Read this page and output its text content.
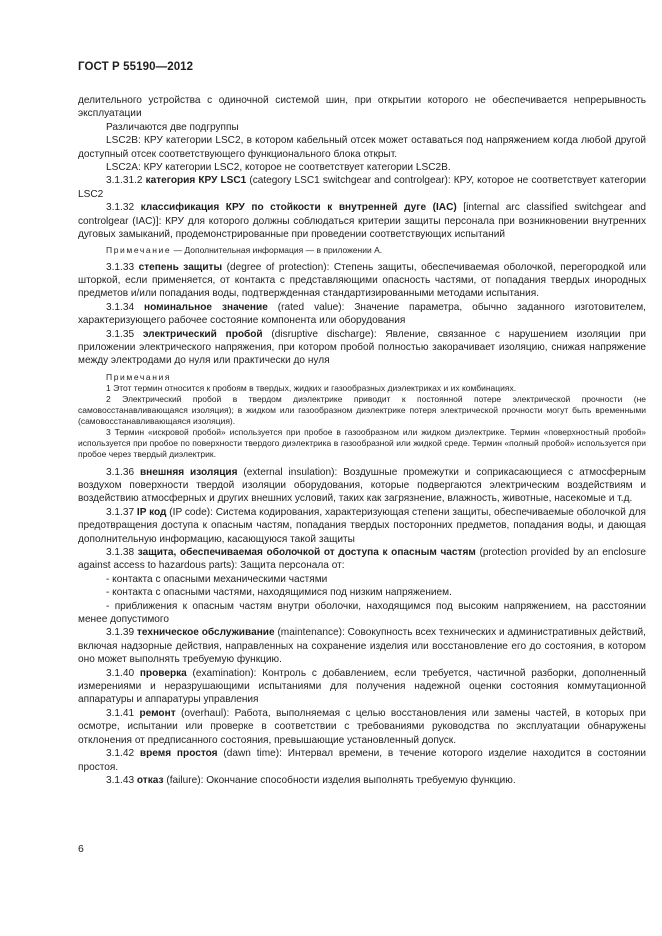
ГОСТ Р 55190—2012

делительного устройства с одиночной системой шин, при открытии которого не обеспечивается непрерывность эксплуатации

Различаются две подгруппы

LSC2B: КРУ категории LSC2, в котором кабельный отсек может оставаться под напряжением когда любой другой доступный отсек соответствующего функционального блока открыт.

LSC2A: КРУ категории LSC2, которое не соответствует категории LSC2B.

3.1.31.2 категория КРУ LSC1 (category LSC1 switchgear and controlgear): КРУ, которое не соответствует категории LSC2

3.1.32 классификация КРУ по стойкости к внутренней дуге (IAC) [internal arc classified switchgear and controlgear (IAC)]: КРУ для которого должны соблюдаться критерии защиты персонала при возникновении внутренних дуговых замыканий, продемонстрированные при проведении соответствующих испытаний

Примечание — Дополнительная информация — в приложении А.

3.1.33 степень защиты (degree of protection): Степень защиты, обеспечиваемая оболочкой, перегородкой или шторкой, если применяется, от контакта с представляющими опасность частями, от попадания твердых инородных предметов и/или попадания воды, подтвержденная стандартизированными методами испытания.

3.1.34 номинальное значение (rated value): Значение параметра, обычно заданного изготовителем, характеризующего рабочее состояние компонента или оборудования

3.1.35 электрический пробой (disruptive discharge): Явление, связанное с нарушением изоляции при приложении электрического напряжения, при котором пробой полностью закорачивает изоляцию, снижая напряжение между электродами до нуля или практически до нуля

Примечания

1 Этот термин относится к пробоям в твердых, жидких и газообразных диэлектриках и их комбинациях.

2 Электрический пробой в твердом диэлектрике приводит к постоянной потере электрической прочности (не самовосстанавливающаяся изоляция); в жидком или газообразном диэлектрике потеря электрической прочности могут быть временными (самовосстанавливающаяся изоляция).

3 Термин «искровой пробой» используется при пробое в газообразном или жидком диэлектрике. Термин «поверхностный пробой» используется при пробое по поверхности твердого диэлектрика в газообразной или жидкой среде. Термин «полный пробой» используется при пробое через твердый диэлектрик.

3.1.36 внешняя изоляция (external insulation): Воздушные промежутки и соприкасающиеся с атмосферным воздухом поверхности твердой изоляции оборудования, которые подвергаются электрическим воздействиям и воздействию атмосферных и других внешних условий, таких как загрязнение, влажность, животные, насекомые и т.д.

3.1.37 IP код (IP code): Система кодирования, характеризующая степени защиты, обеспечиваемые оболочкой для предотвращения доступа к опасным частям, попадания твердых посторонних предметов, попадания воды, и дающая дополнительную информацию, касающуюся такой защиты

3.1.38 защита, обеспечиваемая оболочкой от доступа к опасным частям (protection provided by an enclosure against access to hazardous parts): Защита персонала от:

- контакта с опасными механическими частями

- контакта с опасными частями, находящимися под низким напряжением.

- приближения к опасным частям внутри оболочки, находящимся под высоким напряжением, на расстоянии менее допустимого

3.1.39 техническое обслуживание (maintenance): Совокупность всех технических и административных действий, включая надзорные действия, направленных на сохранение изделия или восстановление его до состояния, в котором оно может выполнять требуемую функцию.

3.1.40 проверка (examination): Контроль с добавлением, если требуется, частичной разборки, дополненный измерениями и неразрушающими испытаниями для получения надежной оценки состояния коммутационной аппаратуры и аппаратуры управления

3.1.41 ремонт (overhaul): Работа, выполняемая с целью восстановления или замены частей, в которых при осмотре, испытании или проверке в соответствии с требованиями руководства по эксплуатации обнаружены отклонения от предписанного состояния, превышающие установленный допуск.

3.1.42 время простоя (dawn time): Интервал времени, в течение которого изделие находится в состоянии простоя.

3.1.43 отказ (failure): Окончание способности изделия выполнять требуемую функцию.

6
